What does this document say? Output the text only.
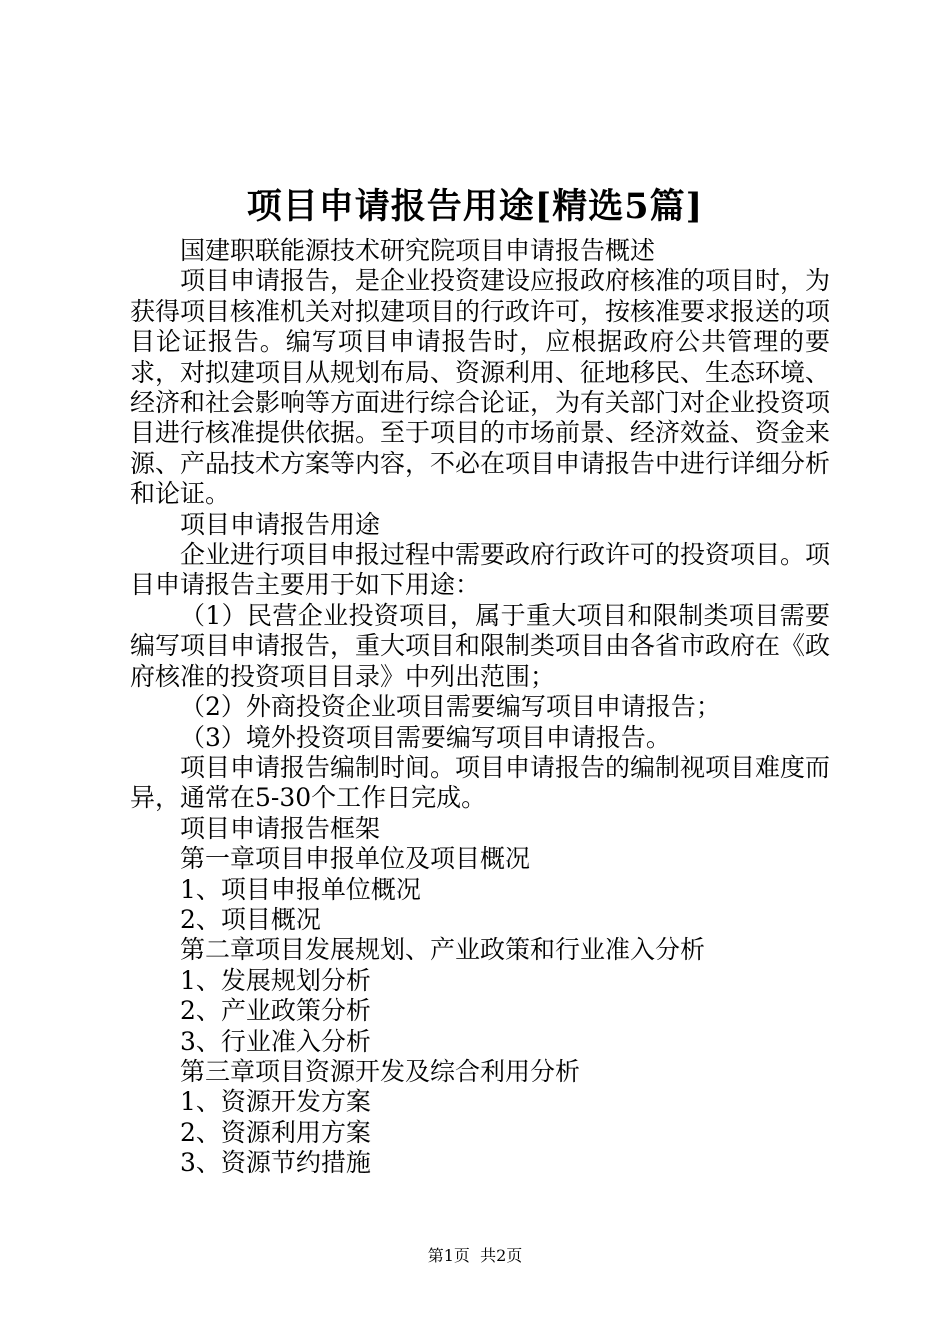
项目申请报告用途[精选5篇]

国建职联能源技术研究院项目申请报告概述

项目申请报告，是企业投资建设应报政府核准的项目时，为获得项目核准机关对拟建项目的行政许可，按核准要求报送的项目论证报告。编写项目申请报告时，应根据政府公共管理的要求，对拟建项目从规划布局、资源利用、征地移民、生态环境、经济和社会影响等方面进行综合论证，为有关部门对企业投资项目进行核准提供依据。至于项目的市场前景、经济效益、资金来源、产品技术方案等内容，不必在项目申请报告中进行详细分析和论证。

项目申请报告用途

企业进行项目申报过程中需要政府行政许可的投资项目。项目申请报告主要用于如下用途：

（1）民营企业投资项目，属于重大项目和限制类项目需要编写项目申请报告，重大项目和限制类项目由各省市政府在《政府核准的投资项目目录》中列出范围；

（2）外商投资企业项目需要编写项目申请报告；

（3）境外投资项目需要编写项目申请报告。

项目申请报告编制时间。项目申请报告的编制视项目难度而异，通常在5-30个工作日完成。

项目申请报告框架

第一章项目申报单位及项目概况

1、项目申报单位概况

2、项目概况

第二章项目发展规划、产业政策和行业准入分析

1、发展规划分析

2、产业政策分析

3、行业准入分析

第三章项目资源开发及综合利用分析

1、资源开发方案

2、资源利用方案

3、资源节约措施

第1页  共2页
